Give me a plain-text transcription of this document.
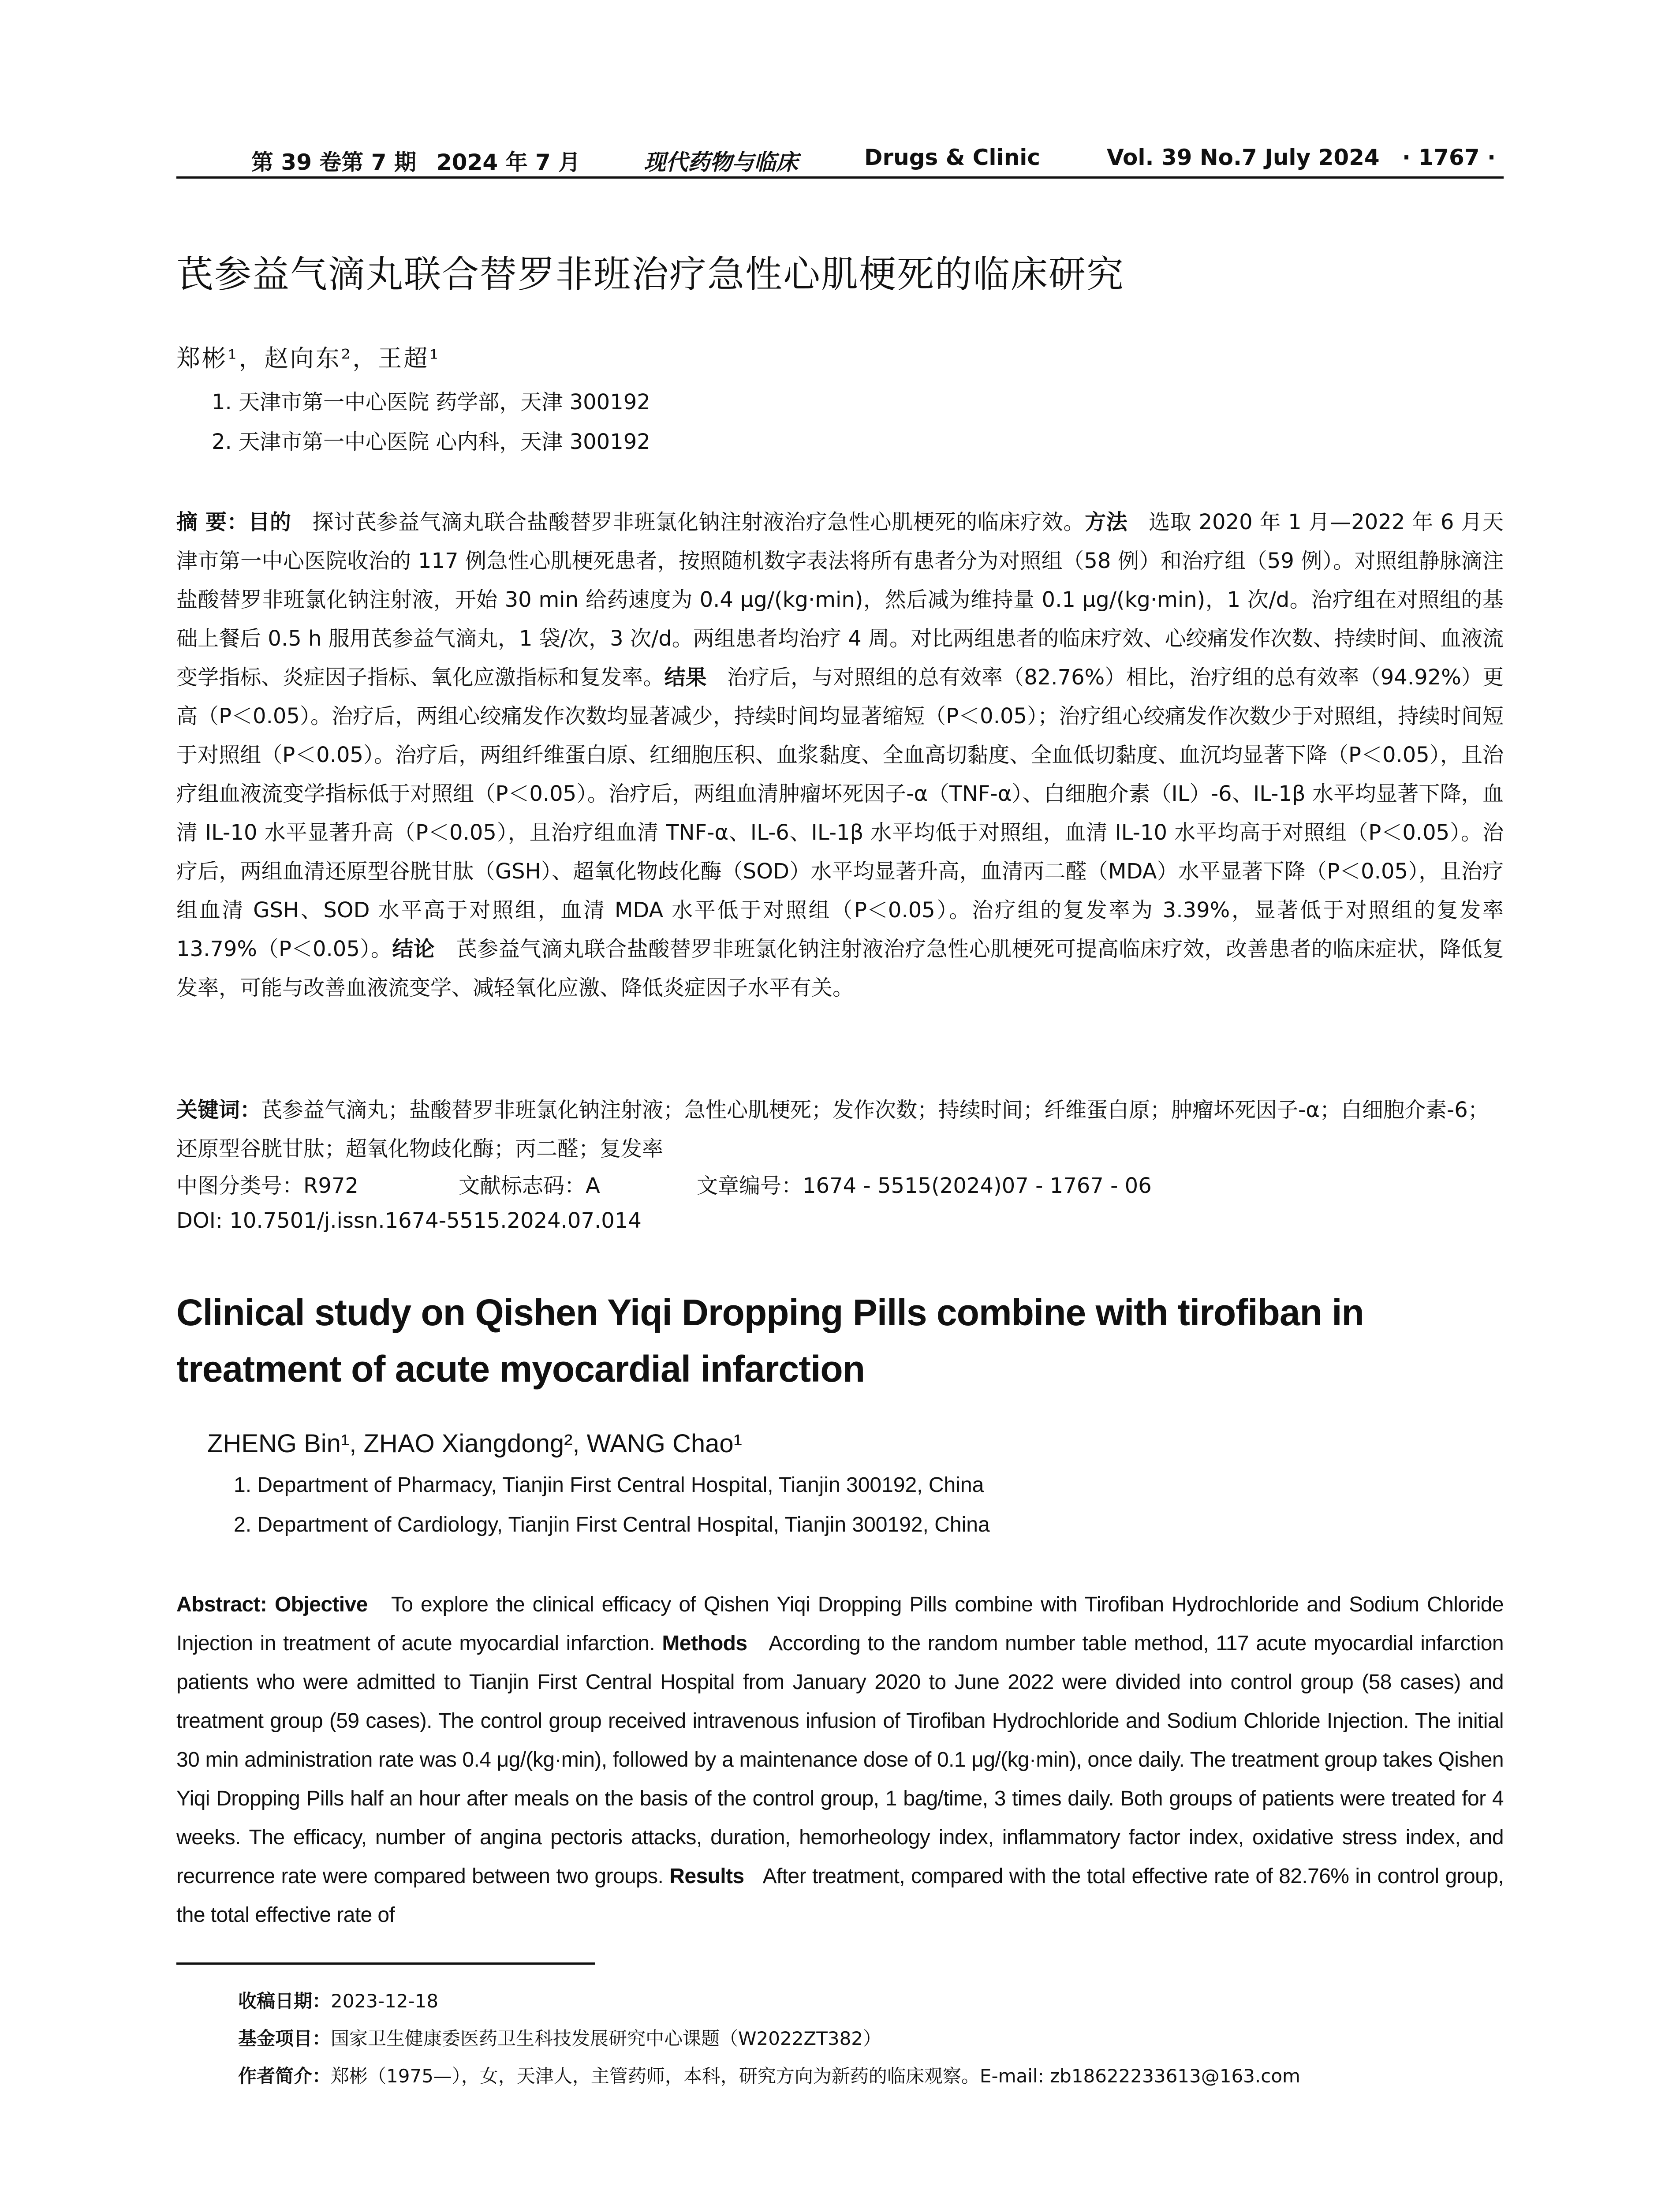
第 39 卷第 7 期 2024 年 7 月	现代药物与临床	Drugs & Clinic	Vol. 39 No.7 July 2024 · 1767 ·
芪参益气滴丸联合替罗非班治疗急性心肌梗死的临床研究
郑彬¹，赵向东²，王超¹
1. 天津市第一中心医院 药学部，天津 300192
2. 天津市第一中心医院 心内科，天津 300192
摘 要：目的 探讨芪参益气滴丸联合盐酸替罗非班氯化钠注射液治疗急性心肌梗死的临床疗效。方法 选取 2020 年 1 月—2022 年 6 月天津市第一中心医院收治的 117 例急性心肌梗死患者，按照随机数字表法将所有患者分为对照组（58 例）和治疗组（59 例）。对照组静脉滴注盐酸替罗非班氯化钠注射液，开始 30 min 给药速度为 0.4 μg/(kg·min)，然后减为维持量 0.1 μg/(kg·min)，1 次/d。治疗组在对照组的基础上餐后 0.5 h 服用芪参益气滴丸，1 袋/次，3 次/d。两组患者均治疗 4 周。对比两组患者的临床疗效、心绞痛发作次数、持续时间、血液流变学指标、炎症因子指标、氧化应激指标和复发率。结果 治疗后，与对照组的总有效率（82.76%）相比，治疗组的总有效率（94.92%）更高（P＜0.05）。治疗后，两组心绞痛发作次数均显著减少，持续时间均显著缩短（P＜0.05）；治疗组心绞痛发作次数少于对照组，持续时间短于对照组（P＜0.05）。治疗后，两组纤维蛋白原、红细胞压积、血浆黏度、全血高切黏度、全血低切黏度、血沉均显著下降（P＜0.05），且治疗组血液流变学指标低于对照组（P＜0.05）。治疗后，两组血清肿瘤坏死因子-α（TNF-α）、白细胞介素（IL）-6、IL-1β 水平均显著下降，血清 IL-10 水平显著升高（P＜0.05），且治疗组血清 TNF-α、IL-6、IL-1β 水平均低于对照组，血清 IL-10 水平均高于对照组（P＜0.05）。治疗后，两组血清还原型谷胱甘肽（GSH）、超氧化物歧化酶（SOD）水平均显著升高，血清丙二醛（MDA）水平显著下降（P＜0.05），且治疗组血清 GSH、SOD 水平高于对照组，血清 MDA 水平低于对照组（P＜0.05）。治疗组的复发率为 3.39%，显著低于对照组的复发率 13.79%（P＜0.05）。结论 芪参益气滴丸联合盐酸替罗非班氯化钠注射液治疗急性心肌梗死可提高临床疗效，改善患者的临床症状，降低复发率，可能与改善血液流变学、减轻氧化应激、降低炎症因子水平有关。
关键词：芪参益气滴丸；盐酸替罗非班氯化钠注射液；急性心肌梗死；发作次数；持续时间；纤维蛋白原；肿瘤坏死因子-α；白细胞介素-6；还原型谷胱甘肽；超氧化物歧化酶；丙二醛；复发率
中图分类号：R972	文献标志码：A	文章编号：1674 - 5515(2024)07 - 1767 - 06
DOI: 10.7501/j.issn.1674-5515.2024.07.014
Clinical study on Qishen Yiqi Dropping Pills combine with tirofiban in treatment of acute myocardial infarction
ZHENG Bin¹, ZHAO Xiangdong², WANG Chao¹
1. Department of Pharmacy, Tianjin First Central Hospital, Tianjin 300192, China
2. Department of Cardiology, Tianjin First Central Hospital, Tianjin 300192, China
Abstract: Objective To explore the clinical efficacy of Qishen Yiqi Dropping Pills combine with Tirofiban Hydrochloride and Sodium Chloride Injection in treatment of acute myocardial infarction. Methods According to the random number table method, 117 acute myocardial infarction patients who were admitted to Tianjin First Central Hospital from January 2020 to June 2022 were divided into control group (58 cases) and treatment group (59 cases). The control group received intravenous infusion of Tirofiban Hydrochloride and Sodium Chloride Injection. The initial 30 min administration rate was 0.4 μg/(kg·min), followed by a maintenance dose of 0.1 μg/(kg·min), once daily. The treatment group takes Qishen Yiqi Dropping Pills half an hour after meals on the basis of the control group, 1 bag/time, 3 times daily. Both groups of patients were treated for 4 weeks. The efficacy, number of angina pectoris attacks, duration, hemorheology index, inflammatory factor index, oxidative stress index, and recurrence rate were compared between two groups. Results After treatment, compared with the total effective rate of 82.76% in control group, the total effective rate of
收稿日期：2023-12-18
基金项目：国家卫生健康委医药卫生科技发展研究中心课题（W2022ZT382）
作者简介：郑彬（1975—），女，天津人，主管药师，本科，研究方向为新药的临床观察。E-mail: zb18622233613@163.com
